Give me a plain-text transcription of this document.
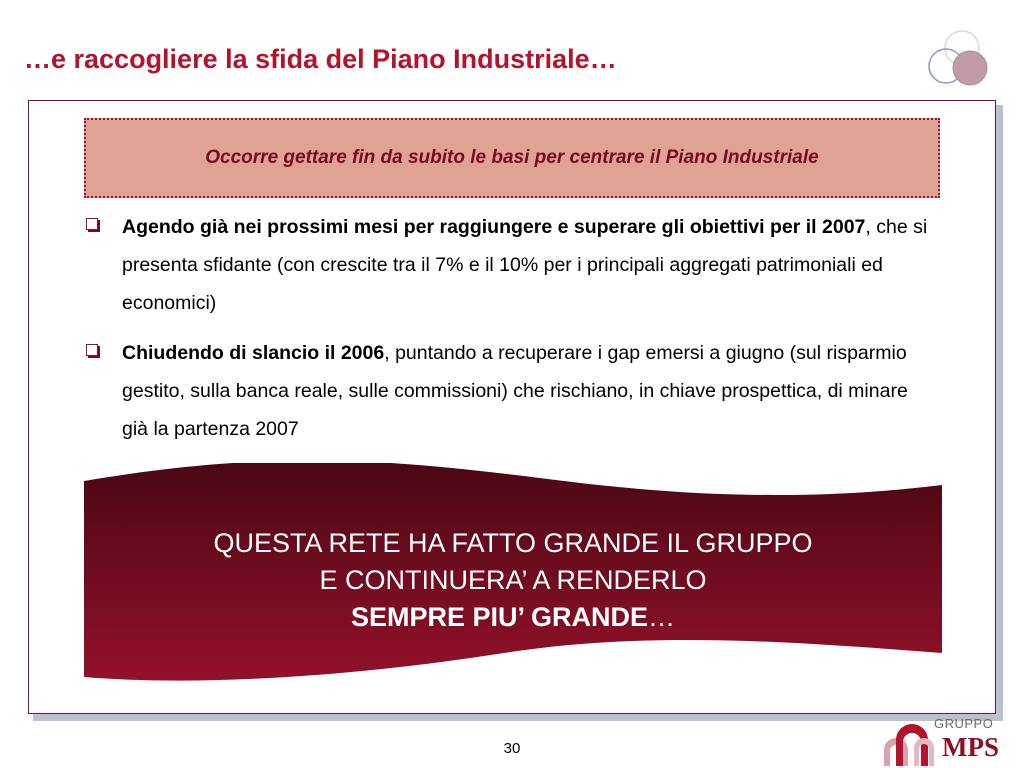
…e raccogliere la sfida del Piano Industriale…
Occorre gettare fin da subito le basi per centrare il Piano Industriale
Agendo già nei prossimi mesi per raggiungere e superare gli obiettivi per il 2007, che si presenta sfidante (con crescite tra il 7% e il 10% per i principali aggregati patrimoniali ed economici)
Chiudendo di slancio il 2006, puntando a recuperare i gap emersi a giugno (sul risparmio gestito, sulla banca reale, sulle commissioni) che rischiano, in chiave prospettica, di minare già la partenza 2007
QUESTA RETE HA FATTO GRANDE IL GRUPPO
E CONTINUERA’ A RENDERLO
SEMPRE PIU’ GRANDE…
30
GRUPPO
MPS
